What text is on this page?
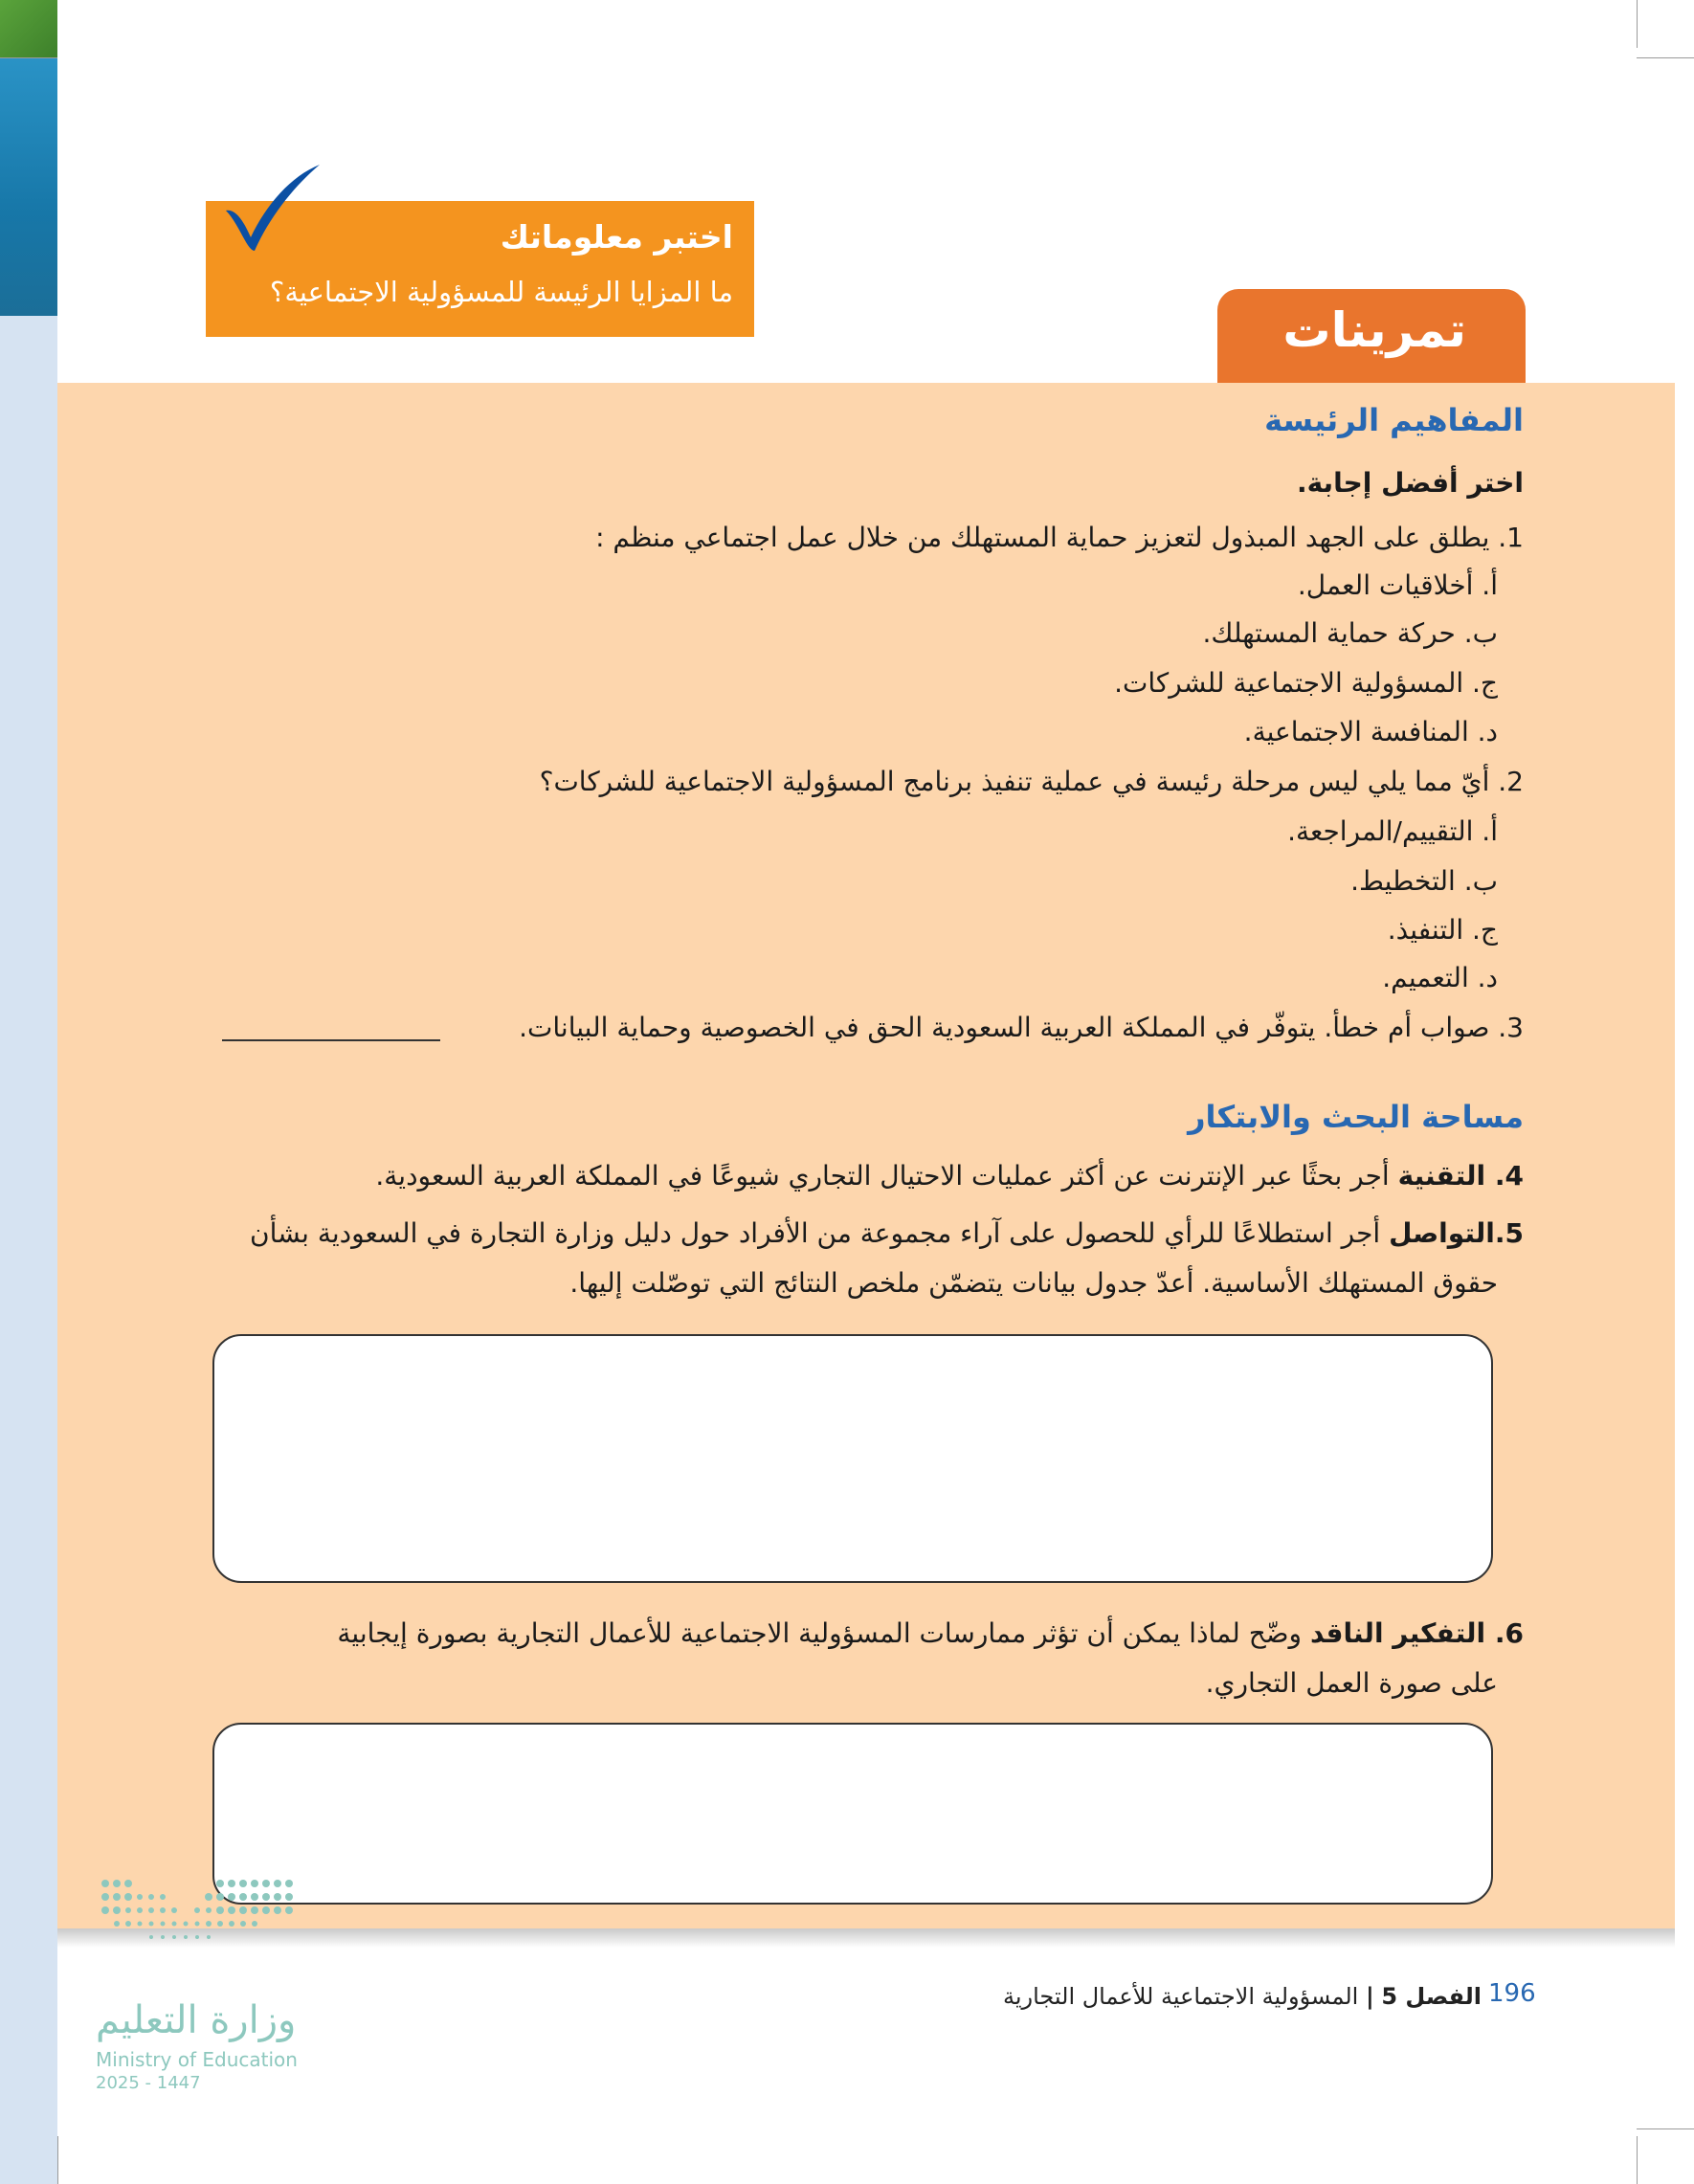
اختبر معلوماتك
ما المزايا الرئيسة للمسؤولية الاجتماعية؟
تمرينات
المفاهيم الرئيسة
اختر أفضل إجابة.
1. يطلق على الجهد المبذول لتعزيز حماية المستهلك من خلال عمل اجتماعي منظم :
أ. أخلاقيات العمل.
ب. حركة حماية المستهلك.
ج. المسؤولية الاجتماعية للشركات.
د. المنافسة الاجتماعية.
2. أيّ مما يلي ليس مرحلة رئيسة في عملية تنفيذ برنامج المسؤولية الاجتماعية للشركات؟
أ. التقييم/المراجعة.
ب. التخطيط.
ج. التنفيذ.
د. التعميم.
3. صواب أم خطأ. يتوفّر في المملكة العربية السعودية الحق في الخصوصية وحماية البيانات.
مساحة البحث والابتكار
4. التقنية أجر بحثًا عبر الإنترنت عن أكثر عمليات الاحتيال التجاري شيوعًا في المملكة العربية السعودية.
5.التواصل أجر استطلاعًا للرأي للحصول على آراء مجموعة من الأفراد حول دليل وزارة التجارة في السعودية بشأن
حقوق المستهلك الأساسية. أعدّ جدول بيانات يتضمّن ملخص النتائج التي توصّلت إليها.
6. التفكير الناقد وضّح لماذا يمكن أن تؤثر ممارسات المسؤولية الاجتماعية للأعمال التجارية بصورة إيجابية
على صورة العمل التجاري.
196
الفصل 5 | المسؤولية الاجتماعية للأعمال التجارية
وزارة التعليم
Ministry of Education
2025 - 1447
